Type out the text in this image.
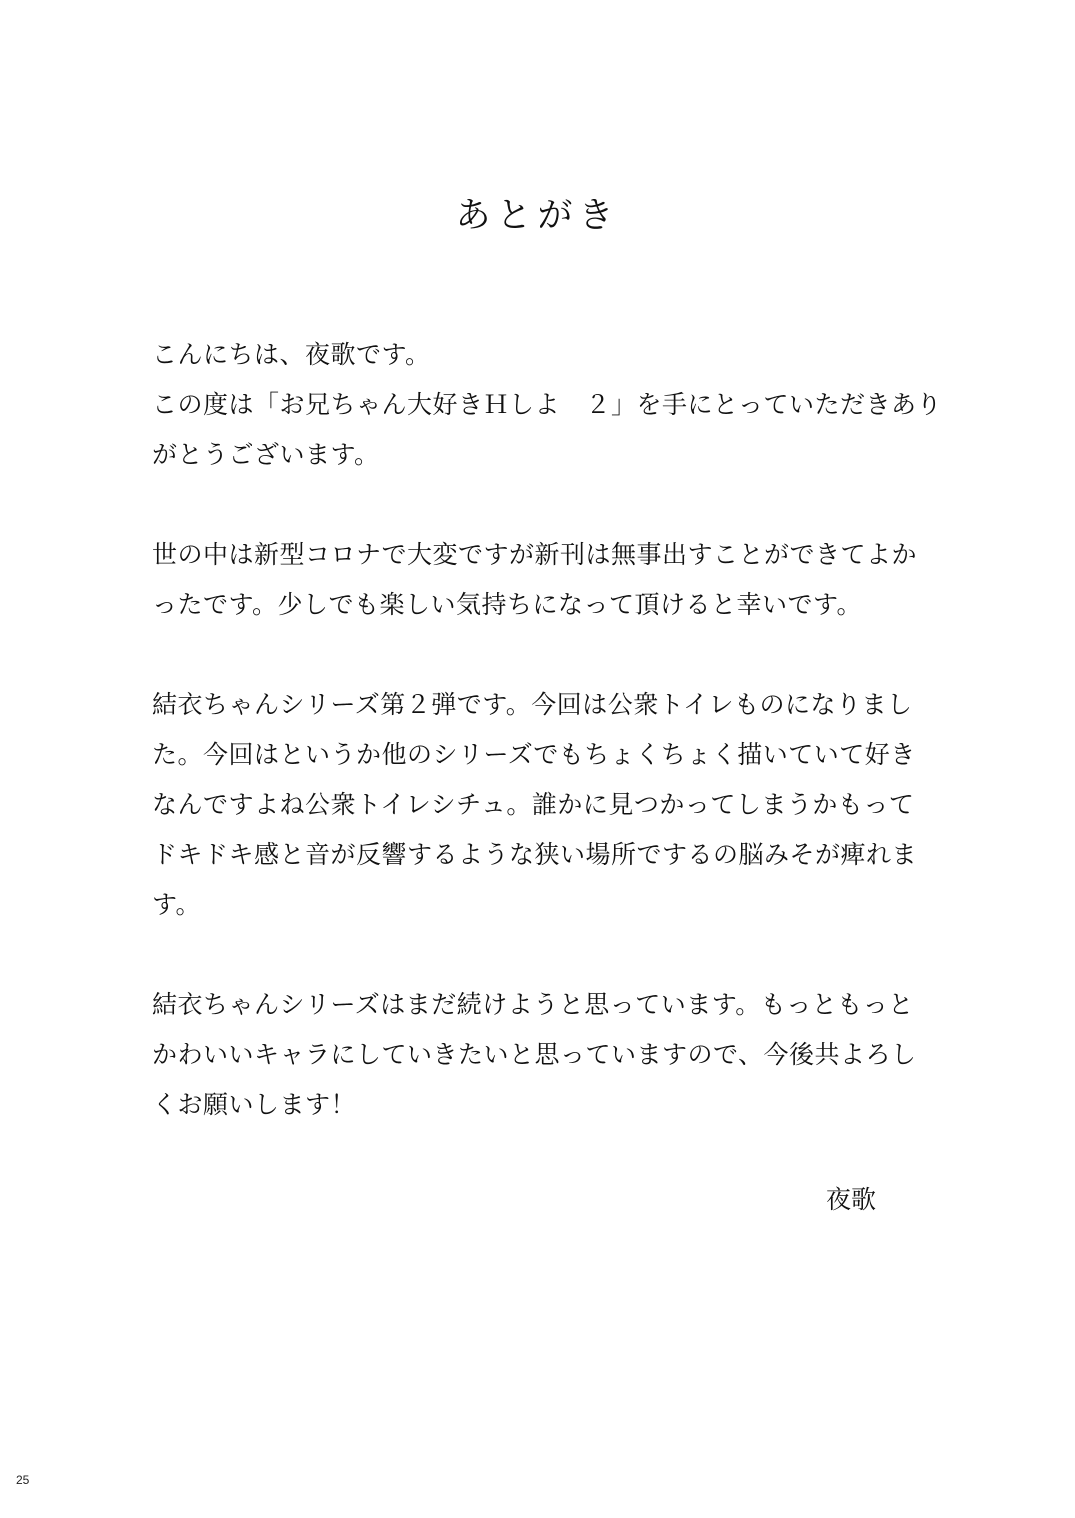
あとがき
こんにちは、夜歌です。
この度は「お兄ちゃん大好きＨしよ　２」を手にとっていただきあり
がとうございます。
世の中は新型コロナで大変ですが新刊は無事出すことができてよか
ったです。少しでも楽しい気持ちになって頂けると幸いです。
結衣ちゃんシリーズ第２弾です。今回は公衆トイレものになりまし
た。今回はというか他のシリーズでもちょくちょく描いていて好き
なんですよね公衆トイレシチュ。誰かに見つかってしまうかもって
ドキドキ感と音が反響するような狭い場所でするの脳みそが痺れま
す。
結衣ちゃんシリーズはまだ続けようと思っています。もっともっと
かわいいキャラにしていきたいと思っていますので、今後共よろし
くお願いします！

夜歌

25
